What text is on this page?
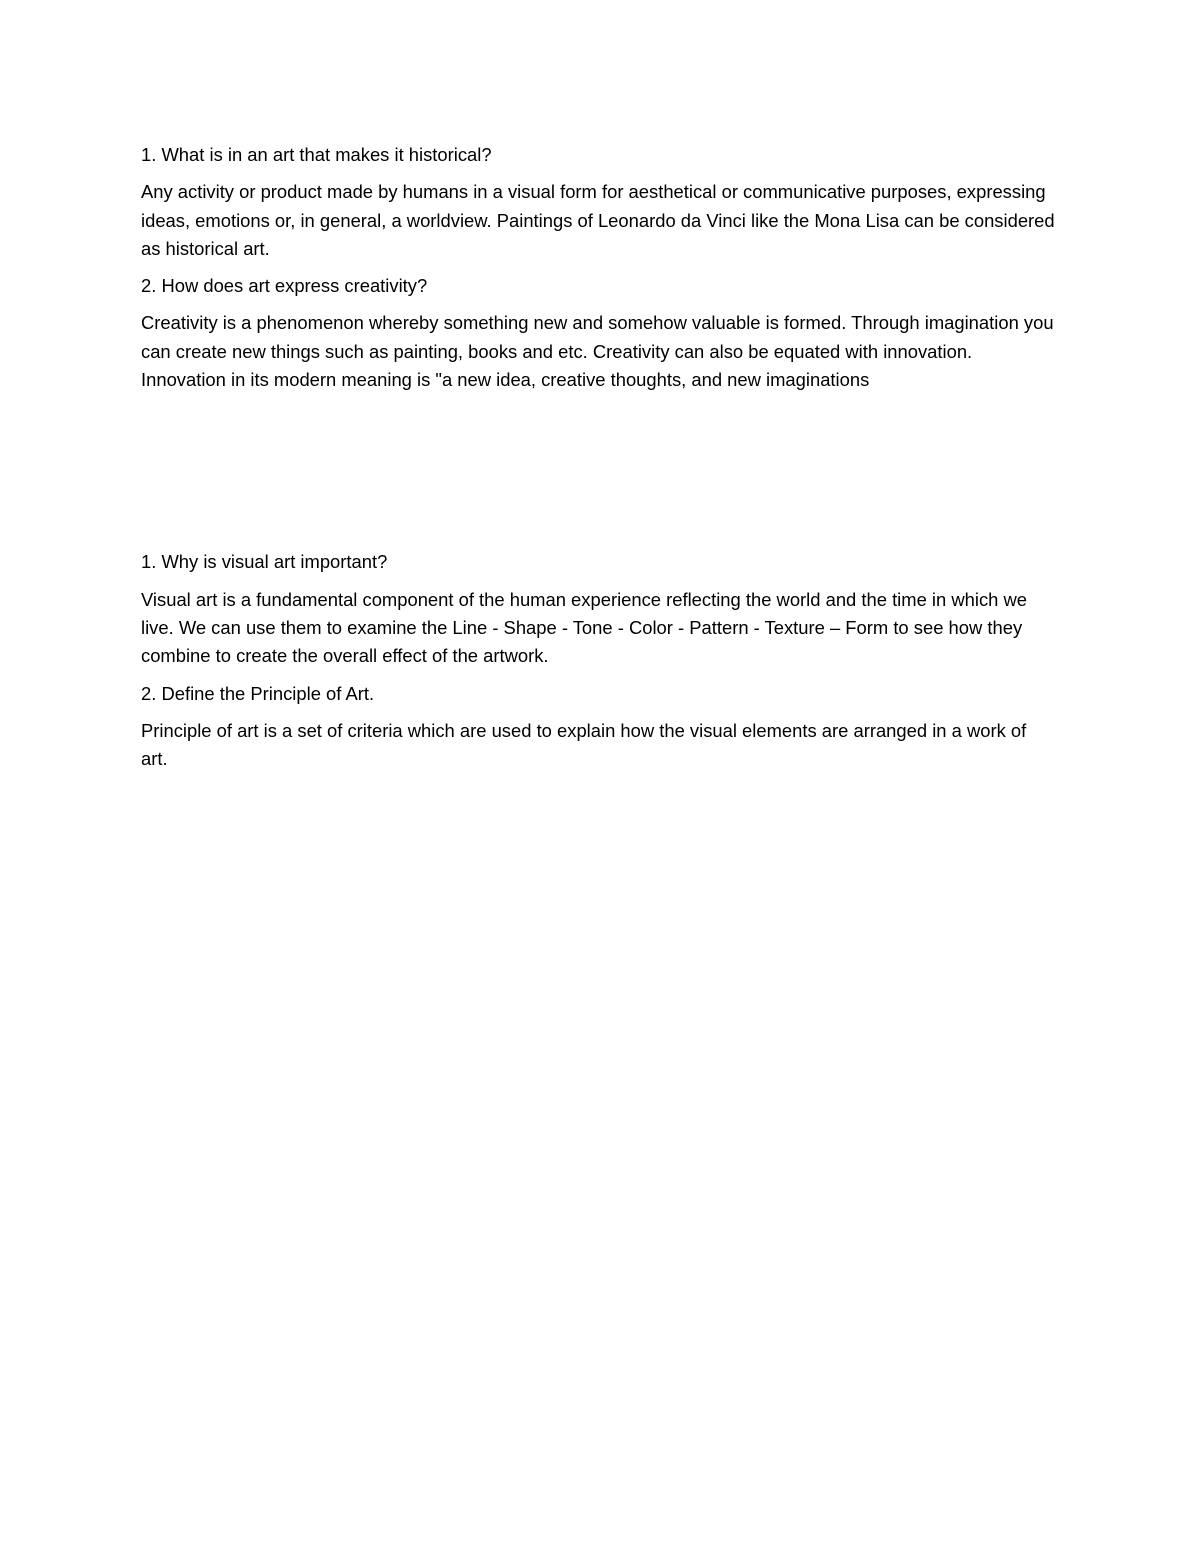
1. What is in an art that makes it historical?

Any activity or product made by humans in a visual form for aesthetical or communicative purposes, expressing ideas, emotions or, in general, a worldview. Paintings of Leonardo da Vinci like the Mona Lisa can be considered as historical art.

2. How does art express creativity?

Creativity is a phenomenon whereby something new and somehow valuable is formed. Through imagination you can create new things such as painting, books and etc. Creativity can also be equated with innovation. Innovation in its modern meaning is "a new idea, creative thoughts, and new imaginations

1. Why is visual art important?

Visual art is a fundamental component of the human experience reflecting the world and the time in which we live. We can use them to examine the Line - Shape - Tone - Color - Pattern - Texture – Form to see how they combine to create the overall effect of the artwork.

2. Define the Principle of Art.

Principle of art is a set of criteria which are used to explain how the visual elements are arranged in a work of art.
